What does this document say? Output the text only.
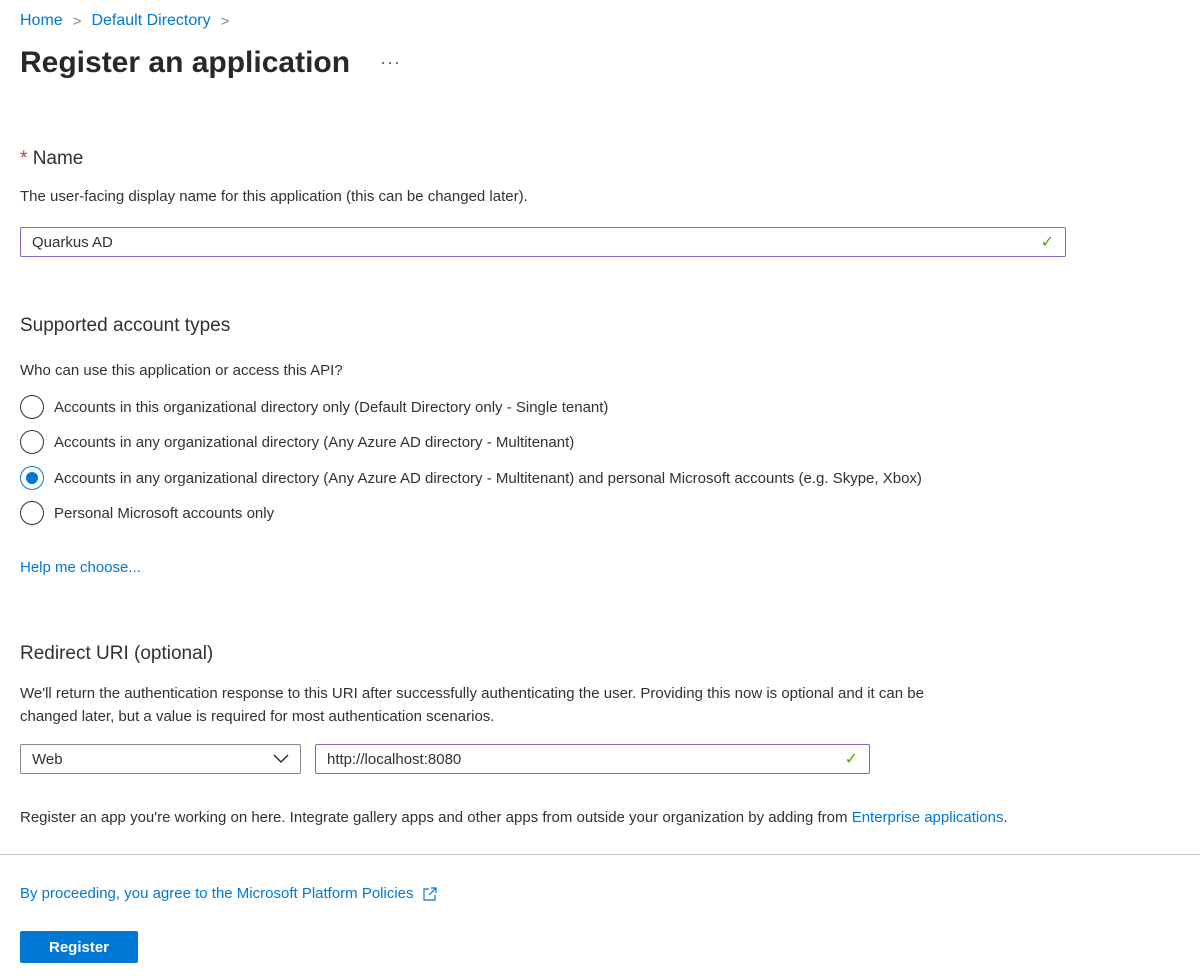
Home > Default Directory >
Register an application ···
* Name
The user-facing display name for this application (this can be changed later).
Quarkus AD	✓
Supported account types
Who can use this application or access this API?
Accounts in this organizational directory only (Default Directory only - Single tenant)
Accounts in any organizational directory (Any Azure AD directory - Multitenant)
Accounts in any organizational directory (Any Azure AD directory - Multitenant) and personal Microsoft accounts (e.g. Skype, Xbox)
Personal Microsoft accounts only
Help me choose...
Redirect URI (optional)
We'll return the authentication response to this URI after successfully authenticating the user. Providing this now is optional and it can be
changed later, but a value is required for most authentication scenarios.
Web	http://localhost:8080	✓
Register an app you're working on here. Integrate gallery apps and other apps from outside your organization by adding from Enterprise applications.
By proceeding, you agree to the Microsoft Platform Policies
Register
